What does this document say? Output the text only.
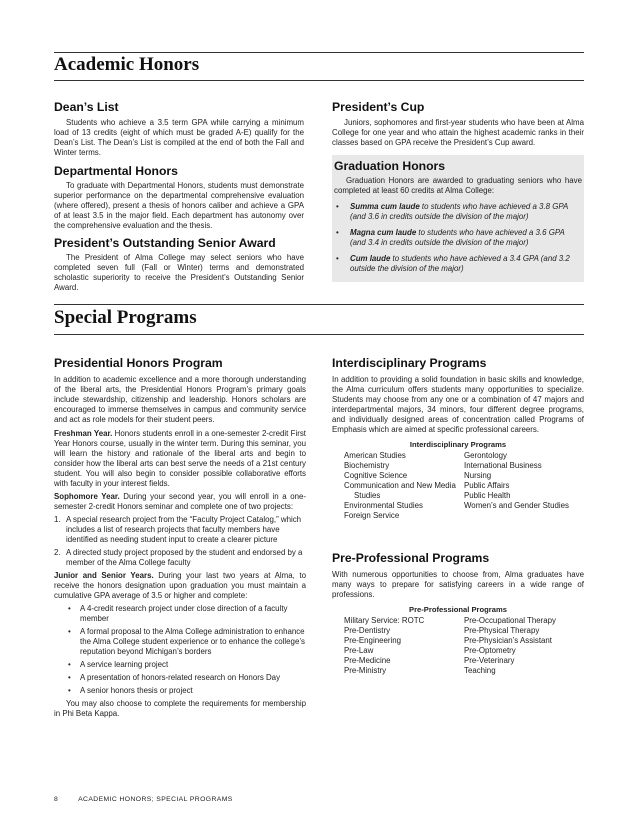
Academic Honors
Dean’s List

Students who achieve a 3.5 term GPA while carrying a minimum load of 13 credits (eight of which must be graded A-E) qualify for the Dean’s List. The Dean’s List is compiled at the end of both the Fall and Winter terms.

Departmental Honors

To graduate with Departmental Honors, students must demonstrate superior performance on the departmental comprehensive evaluation (where offered), present a thesis of honors caliber and achieve a GPA of at least 3.5 in the major field. Each department has autonomy over the comprehensive evaluation and the thesis.

President’s Outstanding Senior Award

The President of Alma College may select seniors who have completed seven full (Fall or Winter) terms and demonstrated scholastic superiority to receive the President’s Outstanding Senior Award.

President’s Cup

Juniors, sophomores and first-year students who have been at Alma College for one year and who attain the highest academic ranks in their classes based on GPA receive the President’s Cup award.

Graduation Honors

Graduation Honors are awarded to graduating seniors who have completed at least 60 credits at Alma College:

• Summa cum laude to students who have achieved a 3.8 GPA (and 3.6 in credits outside the division of the major)
• Magna cum laude to students who have achieved a 3.6 GPA (and 3.4 in credits outside the division of the major)
• Cum laude to students who have achieved a 3.4 GPA (and 3.2 outside the division of the major)
Special Programs
Presidential Honors Program

In addition to academic excellence and a more thorough understanding of the liberal arts, the Presidential Honors Program’s primary goals include stewardship, citizenship and leadership. Honors scholars are encouraged to immerse themselves in campus and community service and act as role models for their student peers.

Freshman Year. Honors students enroll in a one-semester 2-credit First Year Honors course, usually in the winter term. During this seminar, you will learn the history and rationale of the liberal arts and begin to consider how the liberal arts can best serve the needs of a 21st century student. You will also begin to consider possible collaborative efforts with faculty in your interest fields.

Sophomore Year. During your second year, you will enroll in a one-semester 2-credit Honors seminar and complete one of two projects:

1. A special research project from the “Faculty Project Catalog,” which includes a list of research projects that faculty members have identified as needing student input to create a clearer picture
2. A directed study project proposed by the student and endorsed by a member of the Alma College faculty

Junior and Senior Years. During your last two years at Alma, to receive the honors designation upon graduation you must maintain a cumulative GPA average of 3.5 or higher and complete:

• A 4-credit research project under close direction of a faculty member
• A formal proposal to the Alma College administration to enhance the Alma College student experience or to enhance the college’s reputation beyond Michigan’s borders
• A service learning project
• A presentation of honors-related research on Honors Day
• A senior honors thesis or project

You may also choose to complete the requirements for membership in Phi Beta Kappa.

Interdisciplinary Programs

In addition to providing a solid foundation in basic skills and knowledge, the Alma curriculum offers students many opportunities to specialize. Students may choose from any one or a combination of 47 majors and interdepartmental majors, 34 minors, four different degree programs, and individually designed areas of concentration called Programs of Emphasis which are aimed at specific professional careers.

Interdisciplinary Programs
American Studies
Biochemistry
Cognitive Science
Communication and New Media Studies
Environmental Studies
Foreign Service
Gerontology
International Business
Nursing
Public Affairs
Public Health
Women’s and Gender Studies
Pre-Professional Programs

With numerous opportunities to choose from, Alma graduates have many ways to prepare for satisfying careers in a wide range of professions.

Pre-Professional Programs
Military Service: ROTC
Pre-Dentistry
Pre-Engineering
Pre-Law
Pre-Medicine
Pre-Ministry
Pre-Occupational Therapy
Pre-Physical Therapy
Pre-Physician’s Assistant
Pre-Optometry
Pre-Veterinary
Teaching
8	ACADEMIC HONORS; SPECIAL PROGRAMS
